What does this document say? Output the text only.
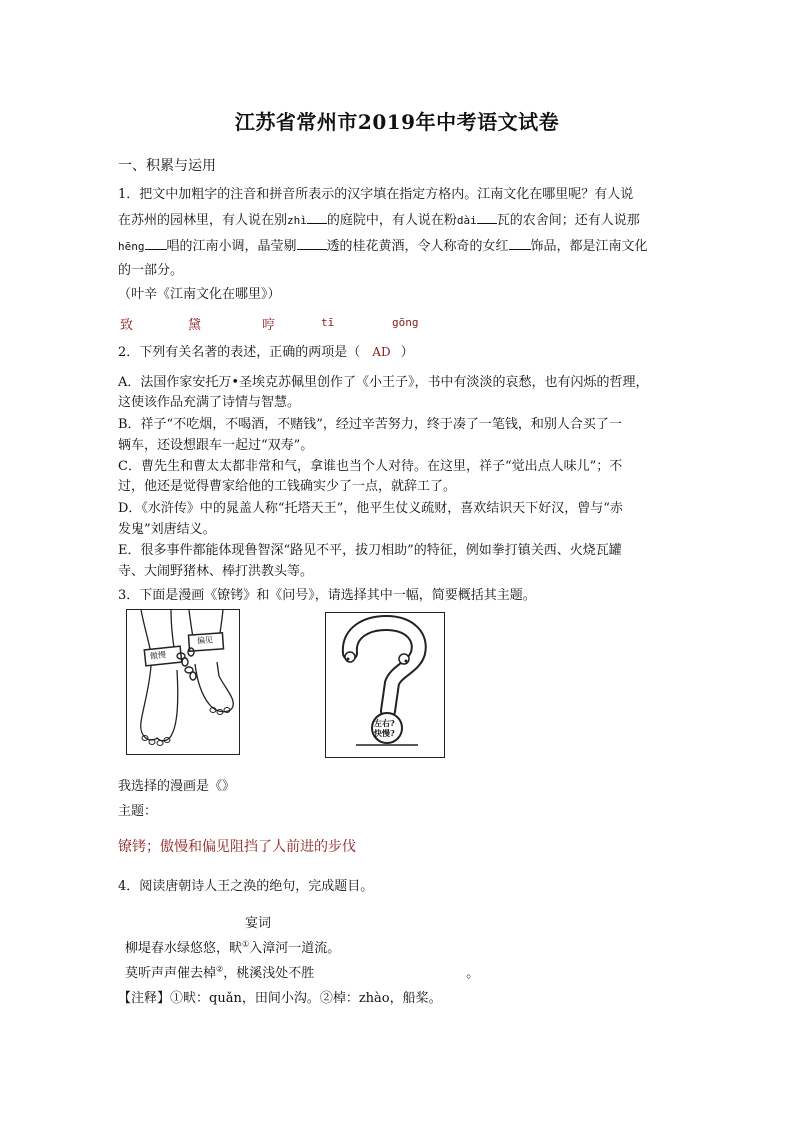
江苏省常州市2019年中考语文试卷
一、积累与运用
1．把文中加粗字的注音和拼音所表示的汉字填在指定方格内。江南文化在哪里呢？有人说
在苏州的园林里，有人说在别zhì 的庭院中，有人说在粉dài 瓦的农舍间；还有人说那
hēng 唱的江南小调，晶莹剔 透的桂花黄酒，令人称奇的女红 饰品，都是江南文化
的一部分。
（叶辛《江南文化在哪里》）
致	黛	哼	tī	gōng
2．下列有关名著的表述，正确的两项是（ AD ）
A．法国作家安托万•圣埃克苏佩里创作了《小王子》，书中有淡淡的哀愁，也有闪烁的哲理，
这使该作品充满了诗情与智慧。
B．祥子“不吃烟，不喝酒，不赌钱”，经过辛苦努力，终于凑了一笔钱，和别人合买了一
辆车，还设想跟车一起过“双寿”。
C．曹先生和曹太太都非常和气，拿谁也当个人对待。在这里，祥子“觉出点人味儿”；不
过，他还是觉得曹家给他的工钱确实少了一点，就辞工了。
D．《水浒传》中的晁盖人称“托塔天王”，他平生仗义疏财，喜欢结识天下好汉，曾与“赤
发鬼”刘唐结义。
E．很多事件都能体现鲁智深“路见不平，拔刀相助”的特征，例如拳打镇关西、火烧瓦罐
寺、大闹野猪林、棒打洪教头等。
3．下面是漫画《镣铐》和《问号》，请选择其中一幅，简要概括其主题。
傲慢
偏见
左右?
快慢?
我选择的漫画是《》
主题：
镣铐；傲慢和偏见阻挡了人前进的步伐
4．阅读唐朝诗人王之涣的绝句，完成题目。
宴词
柳堤春水绿悠悠，畎①入漳河一道流。
莫听声声催去棹②，桃溪浅处不胜	。
【注释】①畎：quǎn，田间小沟。②棹：zhào，船桨。
